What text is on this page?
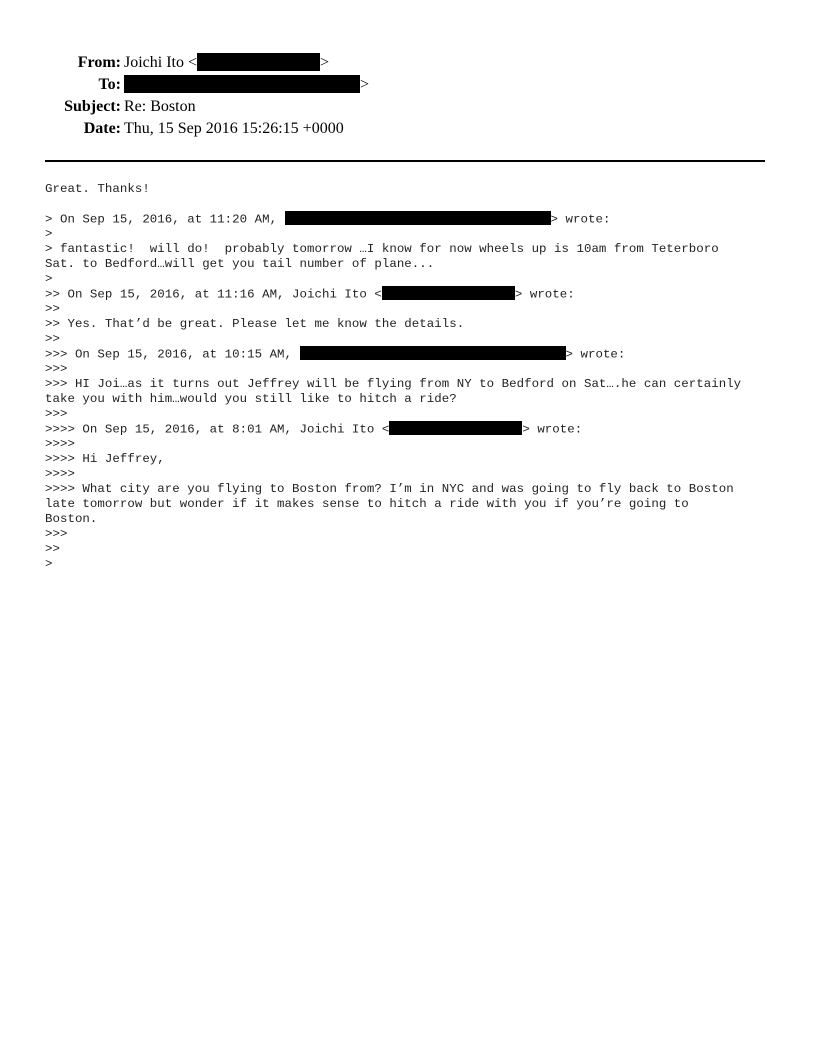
From: Joichi Ito <	>
To:	>
Subject: Re: Boston
Date: Thu, 15 Sep 2016 15:26:15 +0000
Great. Thanks!
> On Sep 15, 2016, at 11:20 AM,	> wrote:
>
> fantastic!  will do!  probably tomorrow …I know for now wheels up is 10am from Teterboro
Sat. to Bedford…will get you tail number of plane...
>
>> On Sep 15, 2016, at 11:16 AM, Joichi Ito <	> wrote:
>>
>> Yes. That’d be great. Please let me know the details.
>>
>>> On Sep 15, 2016, at 10:15 AM,	> wrote:
>>>
>>> HI Joi…as it turns out Jeffrey will be flying from NY to Bedford on Sat….he can certainly
take you with him…would you still like to hitch a ride?
>>>
>>>> On Sep 15, 2016, at 8:01 AM, Joichi Ito <	> wrote:
>>>>
>>>> Hi Jeffrey,
>>>>
>>>> What city are you flying to Boston from? I’m in NYC and was going to fly back to Boston
late tomorrow but wonder if it makes sense to hitch a ride with you if you’re going to
Boston.
>>>
>>
>
